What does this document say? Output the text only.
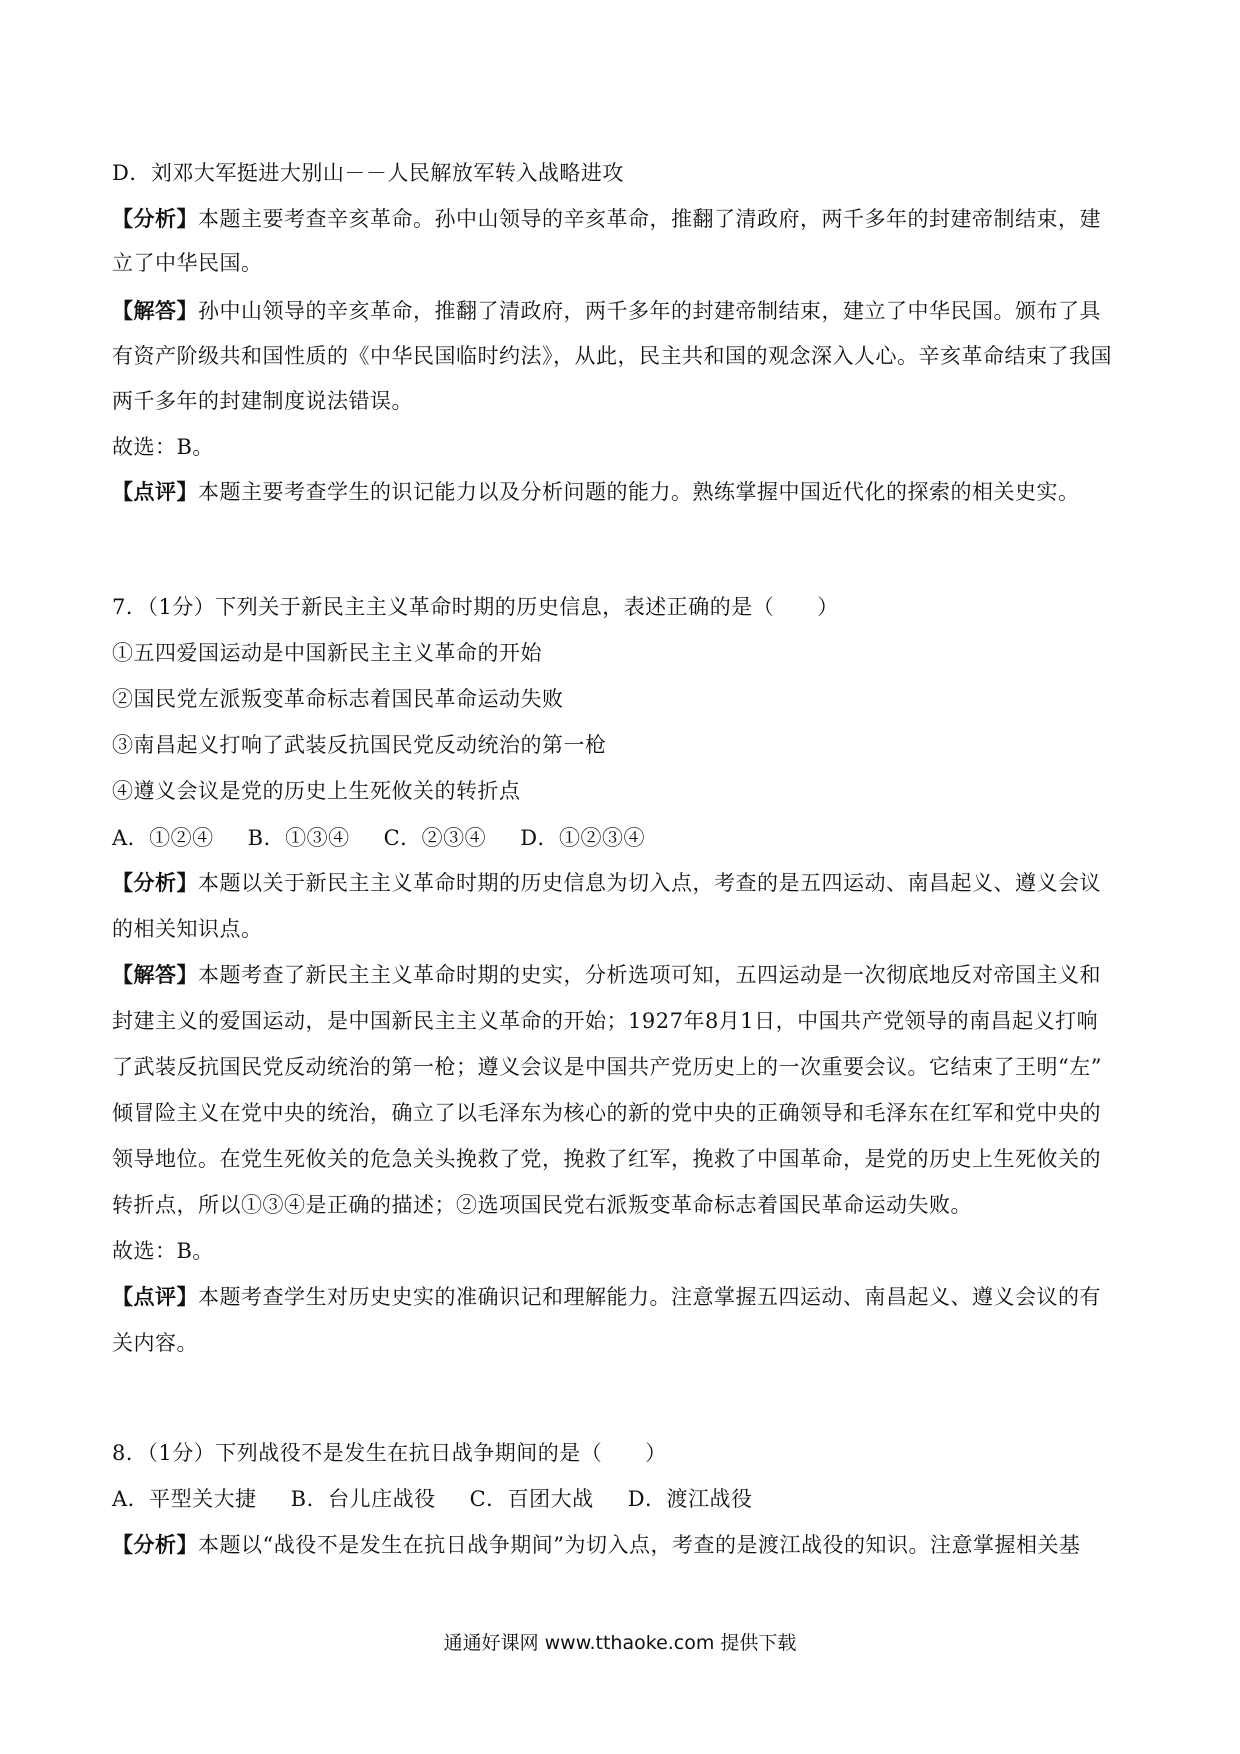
D．刘邓大军挺进大别山－－人民解放军转入战略进攻
【分析】本题主要考查辛亥革命。孙中山领导的辛亥革命，推翻了清政府，两千多年的封建帝制结束，建
立了中华民国。
【解答】孙中山领导的辛亥革命，推翻了清政府，两千多年的封建帝制结束，建立了中华民国。颁布了具
有资产阶级共和国性质的《中华民国临时约法》，从此，民主共和国的观念深入人心。辛亥革命结束了我国
两千多年的封建制度说法错误。
故选：B。
【点评】本题主要考查学生的识记能力以及分析问题的能力。熟练掌握中国近代化的探索的相关史实。
7．（1分）下列关于新民主主义革命时期的历史信息，表述正确的是（　　）
①五四爱国运动是中国新民主主义革命的开始
②国民党左派叛变革命标志着国民革命运动失败
③南昌起义打响了武装反抗国民党反动统治的第一枪
④遵义会议是党的历史上生死攸关的转折点
A．①②④ B．①③④ C．②③④ D．①②③④
【分析】本题以关于新民主主义革命时期的历史信息为切入点，考查的是五四运动、南昌起义、遵义会议
的相关知识点。
【解答】本题考查了新民主主义革命时期的史实，分析选项可知，五四运动是一次彻底地反对帝国主义和
封建主义的爱国运动，是中国新民主主义革命的开始；1927年8月1日，中国共产党领导的南昌起义打响
了武装反抗国民党反动统治的第一枪；遵义会议是中国共产党历史上的一次重要会议。它结束了王明“左”
倾冒险主义在党中央的统治，确立了以毛泽东为核心的新的党中央的正确领导和毛泽东在红军和党中央的
领导地位。在党生死攸关的危急关头挽救了党，挽救了红军，挽救了中国革命，是党的历史上生死攸关的
转折点，所以①③④是正确的描述；②选项国民党右派叛变革命标志着国民革命运动失败。
故选：B。
【点评】本题考查学生对历史史实的准确识记和理解能力。注意掌握五四运动、南昌起义、遵义会议的有
关内容。
8．（1分）下列战役不是发生在抗日战争期间的是（　　）
A．平型关大捷 B．台儿庄战役 C．百团大战 D．渡江战役
【分析】本题以“战役不是发生在抗日战争期间”为切入点，考查的是渡江战役的知识。注意掌握相关基
通通好课网 www.tthaoke.com 提供下载
